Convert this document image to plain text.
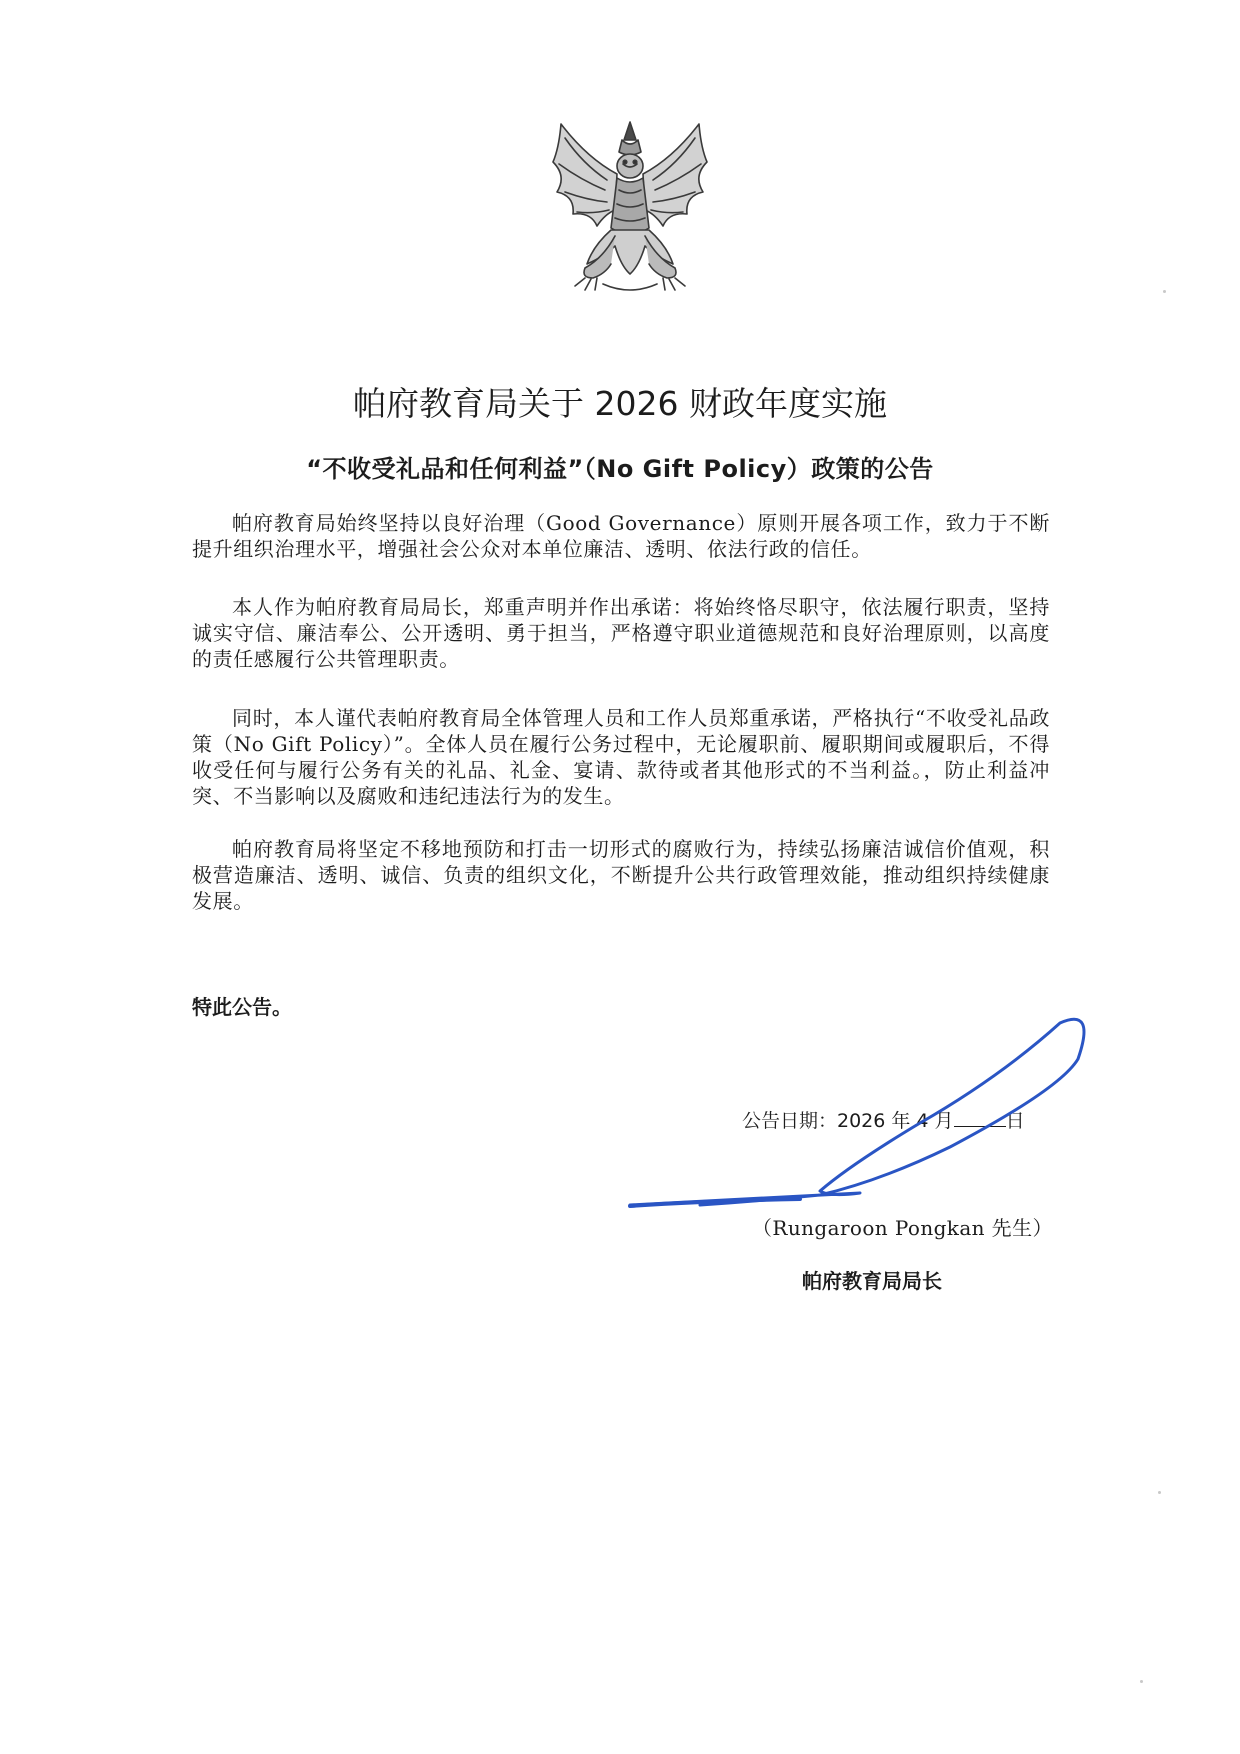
帕府教育局关于 2026 财政年度实施
“不收受礼品和任何利益”（No Gift Policy）政策的公告

帕府教育局始终坚持以良好治理（Good Governance）原则开展各项工作，致力于不断提升组织治理水平，增强社会公众对本单位廉洁、透明、依法行政的信任。

本人作为帕府教育局局长，郑重声明并作出承诺：将始终恪尽职守，依法履行职责，坚持诚实守信、廉洁奉公、公开透明、勇于担当，严格遵守职业道德规范和良好治理原则，以高度的责任感履行公共管理职责。

同时，本人谨代表帕府教育局全体管理人员和工作人员郑重承诺，严格执行“不收受礼品政策（No Gift Policy）”。全体人员在履行公务过程中，无论履职前、履职期间或履职后，不得收受任何与履行公务有关的礼品、礼金、宴请、款待或者其他形式的不当利益。，防止利益冲突、不当影响以及腐败和违纪违法行为的发生。

帕府教育局将坚定不移地预防和打击一切形式的腐败行为，持续弘扬廉洁诚信价值观，积极营造廉洁、透明、诚信、负责的组织文化，不断提升公共行政管理效能，推动组织持续健康发展。

特此公告。
公告日期：2026 年 4 月	日
（Rungaroon Pongkan 先生）
帕府教育局局长
